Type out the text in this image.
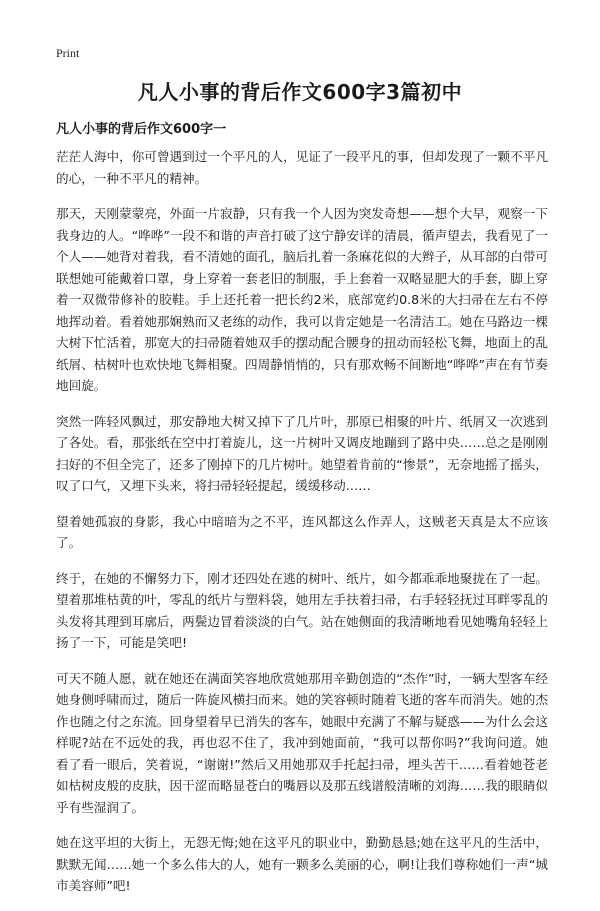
Print
凡人小事的背后作文600字3篇初中
凡人小事的背后作文600字一

茫茫人海中，你可曾遇到过一个平凡的人，见证了一段平凡的事，但却发现了一颗不平凡的心，一种不平凡的精神。

那天，天刚蒙蒙亮，外面一片寂静，只有我一个人因为突发奇想——想个大早，观察一下我身边的人。“哗哗”一段不和谐的声音打破了这宁静安详的清晨，循声望去，我看见了一个人——她背对着我，看不清她的面孔，脑后扎着一条麻花似的大辫子，从耳部的白带可联想她可能戴着口罩，身上穿着一套老旧的制服，手上套着一双略显肥大的手套，脚上穿着一双微带修补的胶鞋。手上还托着一把长约2米，底部宽约0.8米的大扫帚在左右不停地挥动着。看着她那娴熟而又老练的动作，我可以肯定她是一名清洁工。她在马路边一棵大树下忙活着，那宽大的扫帚随着她双手的摆动配合腰身的扭动而轻松飞舞，地面上的乱纸屑、枯树叶也欢快地飞舞相聚。四周静悄悄的，只有那欢畅不间断地“哗哗”声在有节奏地回旋。

突然一阵轻风飘过，那安静地大树又掉下了几片叶，那原已相聚的叶片、纸屑又一次逃到了各处。看，那张纸在空中打着旋儿，这一片树叶又调皮地蹦到了路中央……总之是刚刚扫好的不但全完了，还多了刚掉下的几片树叶。她望着肯前的“惨景”，无奈地摇了摇头，叹了口气，又埋下头来，将扫帚轻轻提起，缓缓移动……

望着她孤寂的身影，我心中暗暗为之不平，连风都这么作弄人，这贼老天真是太不应该了。

终于，在她的不懈努力下，刚才还四处在逃的树叶、纸片，如今都乖乖地聚拢在了一起。望着那堆枯黄的叶，零乱的纸片与塑料袋，她用左手扶着扫帚，右手轻轻抚过耳畔零乱的头发将其理到耳廓后，两鬓边冒着淡淡的白气。站在她侧面的我清晰地看见她嘴角轻轻上扬了一下，可能是笑吧!

可天不随人愿，就在她还在满面笑容地欣赏她那用辛勤创造的“杰作”时，一辆大型客车经她身侧呼啸而过，随后一阵旋风横扫而来。她的笑容顿时随着飞逝的客车而消失。她的杰作也随之付之东流。回身望着早已消失的客车，她眼中充满了不解与疑惑——为什么会这样呢?站在不远处的我，再也忍不住了，我冲到她面前，“我可以帮你吗?”我询问道。她看了看一眼后，笑着说，“谢谢!”然后又用她那双手托起扫帚，埋头苦干……看着她苍老如枯树皮般的皮肤，因干涩而略显苍白的嘴唇以及那五线谱般清晰的刘海……我的眼睛似乎有些湿润了。

她在这平坦的大街上，无怨无悔;她在这平凡的职业中，勤勤恳恳;她在这平凡的生活中，默默无闻……她一个多么伟大的人，她有一颗多么美丽的心，啊!让我们尊称她们一声“城市美容师”吧!
